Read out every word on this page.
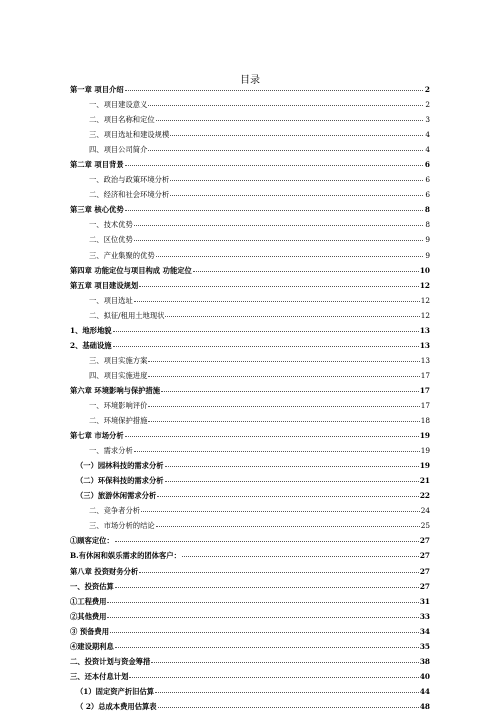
目录
第一章 项目介绍	2
一、项目建设意义	2
二、项目名称和定位	3
三、项目选址和建设规模	4
四、项目公司简介	4
第二章 项目背景	6
一、政治与政策环境分析	6
二、经济和社会环境分析	6
第三章 核心优势	8
一、技术优势	8
二、区位优势	9
三、产业集聚的优势	9
第四章 功能定位与项目构成 功能定位	10
第五章 项目建设规划	12
一、项目选址	12
二、拟征/租用土地现状	12
1、地形地貌	13
2、基础设施	13
三、项目实施方案	13
四、项目实施进度	17
第六章 环境影响与保护措施	17
一、环境影响评价	17
二、环境保护措施	18
第七章 市场分析	19
一、需求分析	19
（一）园林科技的需求分析	19
（二）环保科技的需求分析	21
（三）旅游休闲需求分析	22
二、竞争者分析	24
三、市场分析的结论	25
①顾客定位：	27
B.有休闲和娱乐需求的团体客户：	27
第八章 投资财务分析	27
一、投资估算	27
①工程费用	31
②其他费用	33
③ 预备费用	34
④建设期利息	35
二、投资计划与资金筹措	38
三、还本付息计划	40
（1）固定资产折旧估算	44
（ 2）总成本费用估算表	48
